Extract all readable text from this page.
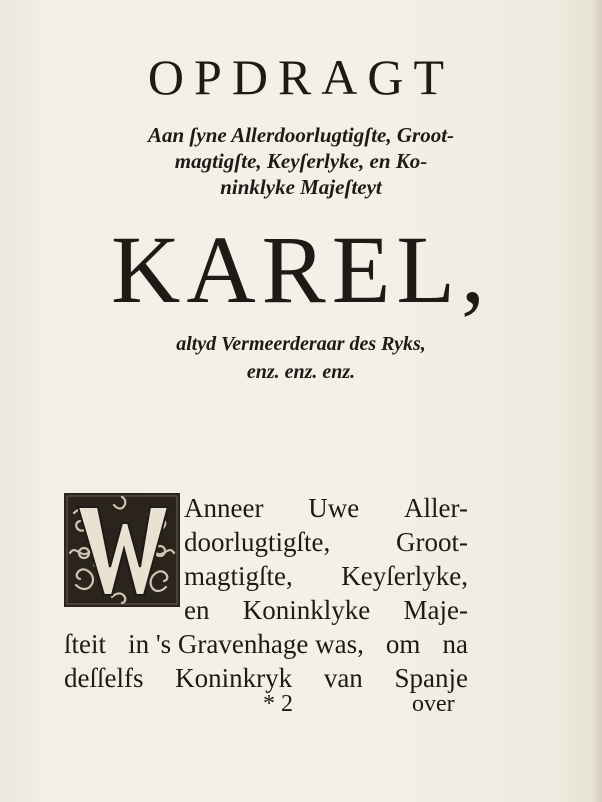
OPDRAGT
Aan ſyne Allerdoorlugtigſte, Groot-
magtigſte, Keyſerlyke, en Ko-
ninklyke Majeſteyt
KAREL,
altyd Vermeerderaar des Ryks,
enz. enz. enz.
Anneer Uwe Aller-
doorlugtigſte, Groot-
magtigſte, Keyſerlyke,
en Koninklyke Maje-
ſteit in 's Gravenhage was, om na
deſſelfs Koninkryk van Spanje
* 2	over
